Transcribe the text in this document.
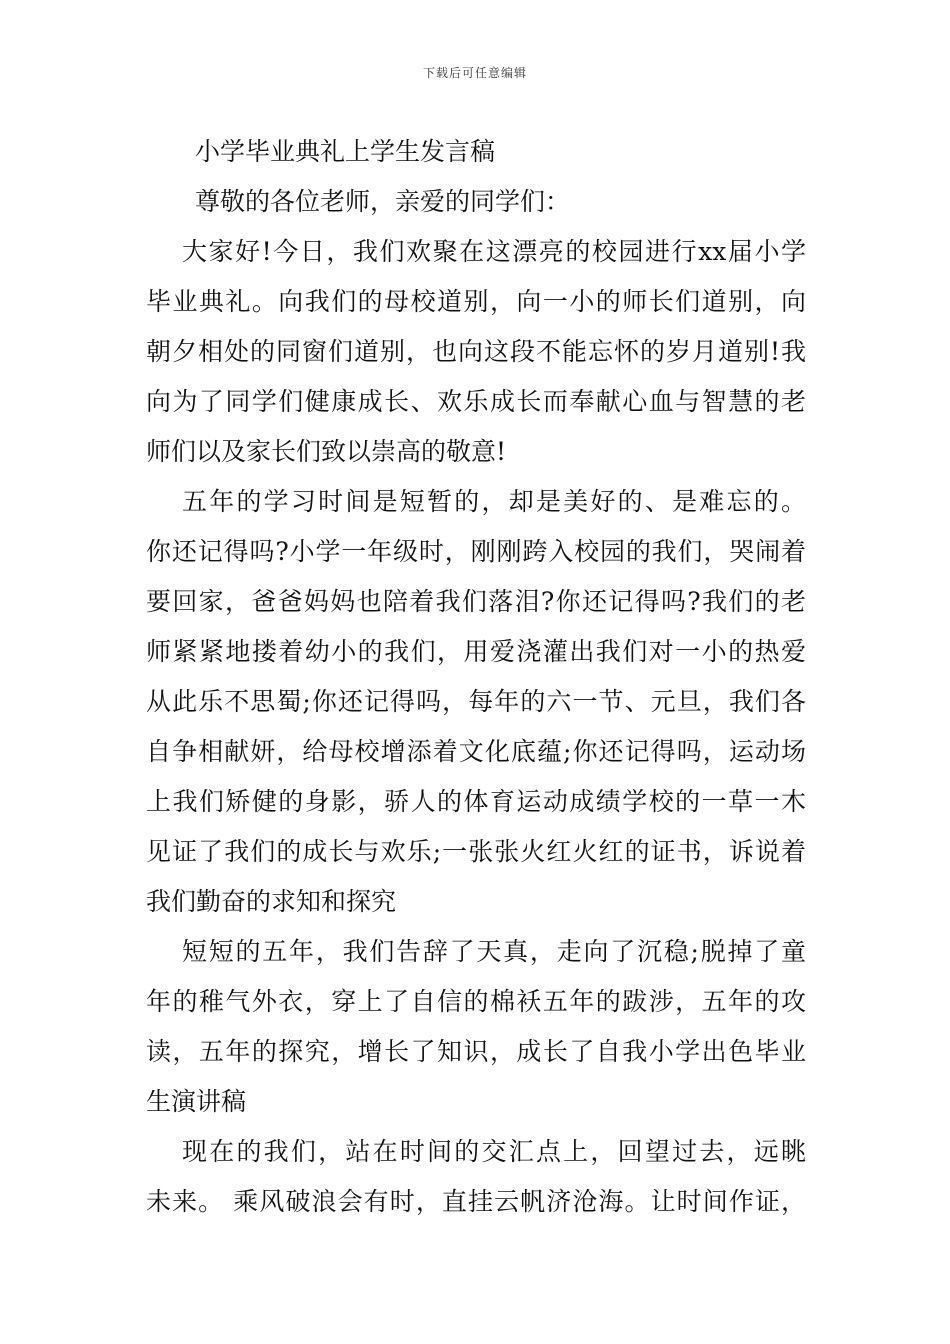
下载后可任意编辑
小学毕业典礼上学生发言稿
尊敬的各位老师，亲爱的同学们：
大家好!今日，我们欢聚在这漂亮的校园进行xx届小学
毕业典礼。向我们的母校道别，向一小的师长们道别，向
朝夕相处的同窗们道别，也向这段不能忘怀的岁月道别!我
向为了同学们健康成长、欢乐成长而奉献心血与智慧的老
师们以及家长们致以崇高的敬意!
五年的学习时间是短暂的，却是美好的、是难忘的。
你还记得吗?小学一年级时，刚刚跨入校园的我们，哭闹着
要回家，爸爸妈妈也陪着我们落泪?你还记得吗?我们的老
师紧紧地搂着幼小的我们，用爱浇灌出我们对一小的热爱
从此乐不思蜀;你还记得吗，每年的六一节、元旦，我们各
自争相献妍，给母校增添着文化底蕴;你还记得吗，运动场
上我们矫健的身影，骄人的体育运动成绩学校的一草一木
见证了我们的成长与欢乐;一张张火红火红的证书，诉说着
我们勤奋的求知和探究
短短的五年，我们告辞了天真，走向了沉稳;脱掉了童
年的稚气外衣，穿上了自信的棉袄五年的跋涉，五年的攻
读，五年的探究，增长了知识，成长了自我小学出色毕业
生演讲稿
现在的我们，站在时间的交汇点上，回望过去，远眺
未来。 乘风破浪会有时，直挂云帆济沧海。让时间作证，
